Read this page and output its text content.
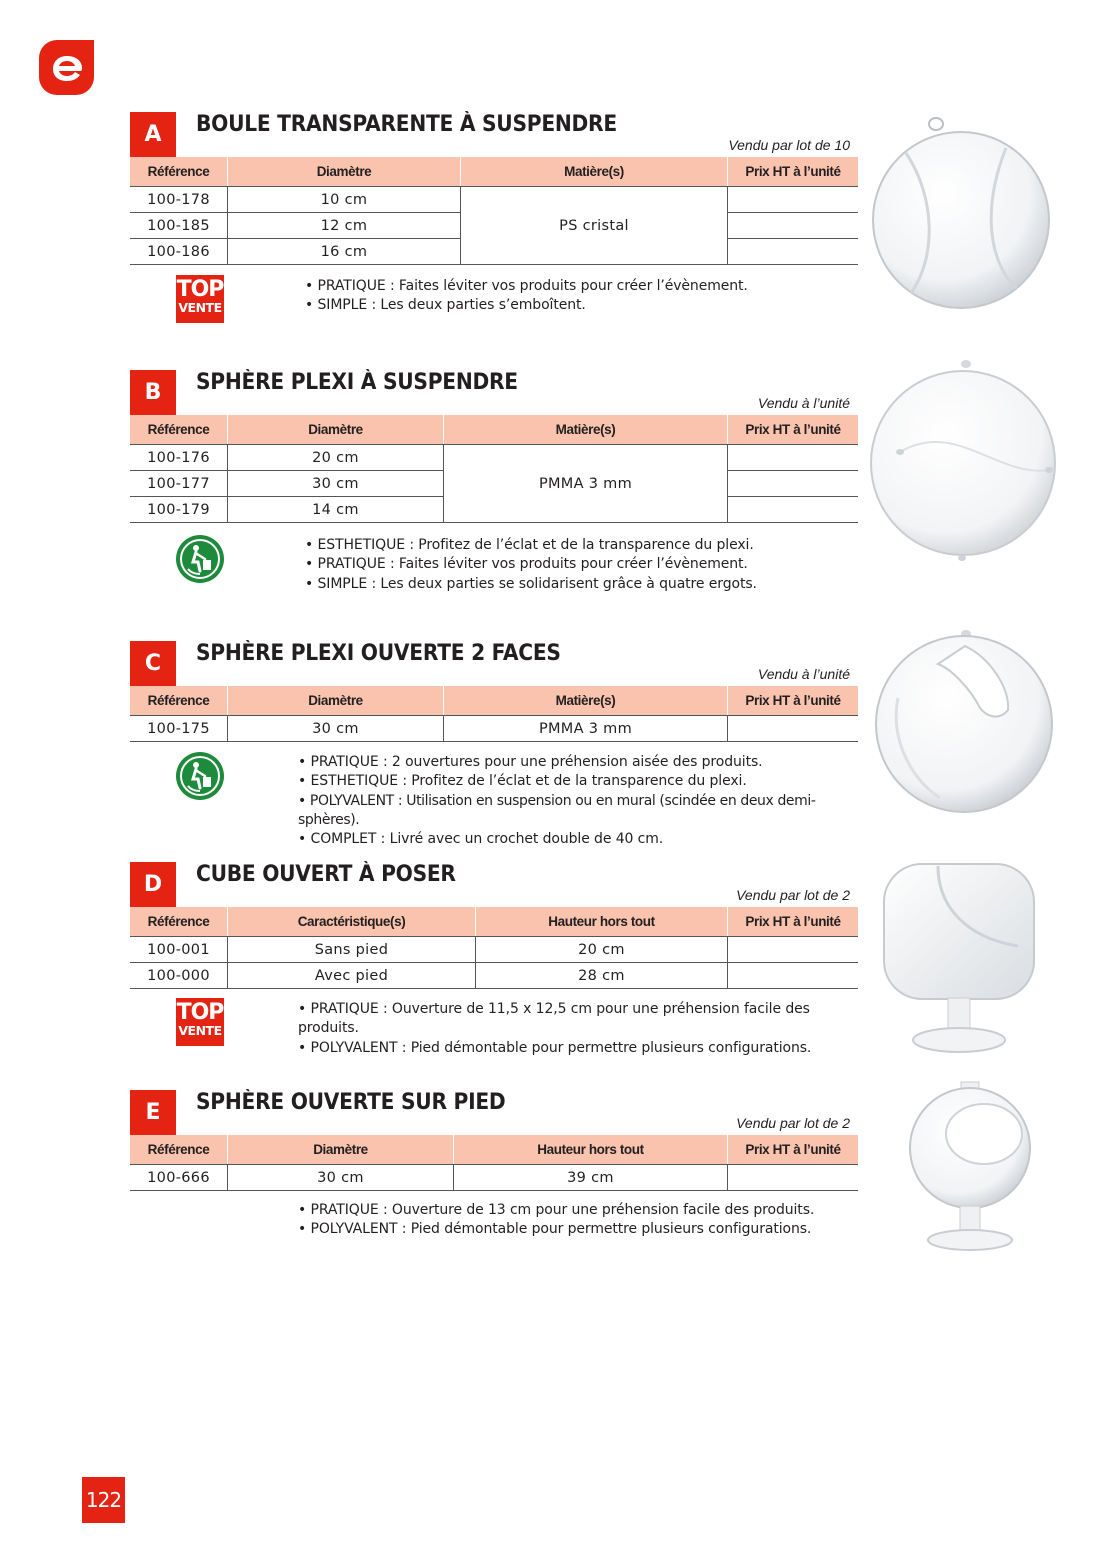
A	BOULE TRANSPARENTE À SUSPENDRE
Vendu par lot de 10
Référence	Diamètre	Matière(s)	Prix HT à l’unité
100-178	10 cm	PS cristal	
100-185	12 cm		
100-186	16 cm		
TOP
VENTE
• PRATIQUE : Faites léviter vos produits pour créer l’évènement.
• SIMPLE : Les deux parties s’emboîtent.
B	SPHÈRE PLEXI À SUSPENDRE
Vendu à l’unité
Référence	Diamètre	Matière(s)	Prix HT à l’unité
100-176	20 cm	PMMA 3 mm	
100-177	30 cm		
100-179	14 cm		
• ESTHETIQUE : Profitez de l’éclat et de la transparence du plexi.
• PRATIQUE : Faites léviter vos produits pour créer l’évènement.
• SIMPLE : Les deux parties se solidarisent grâce à quatre ergots.
C	SPHÈRE PLEXI OUVERTE 2 FACES
Vendu à l’unité
Référence	Diamètre	Matière(s)	Prix HT à l’unité
100-175	30 cm	PMMA 3 mm	
• PRATIQUE : 2 ouvertures pour une préhension aisée des produits.
• ESTHETIQUE : Profitez de l’éclat et de la transparence du plexi.
• POLYVALENT : Utilisation en suspension ou en mural (scindée en deux demi-sphères).
• COMPLET : Livré avec un crochet double de 40 cm.
D	CUBE OUVERT À POSER
Vendu par lot de 2
Référence	Caractéristique(s)	Hauteur hors tout	Prix HT à l’unité
100-001	Sans pied	20 cm	
100-000	Avec pied	28 cm	
TOP
VENTE
• PRATIQUE : Ouverture de 11,5 x 12,5 cm pour une préhension facile des produits.
• POLYVALENT : Pied démontable pour permettre plusieurs configurations.
E	SPHÈRE OUVERTE SUR PIED
Vendu par lot de 2
Référence	Diamètre	Hauteur hors tout	Prix HT à l’unité
100-666	30 cm	39 cm	
• PRATIQUE : Ouverture de 13 cm pour une préhension facile des produits.
• POLYVALENT : Pied démontable pour permettre plusieurs configurations.
122
